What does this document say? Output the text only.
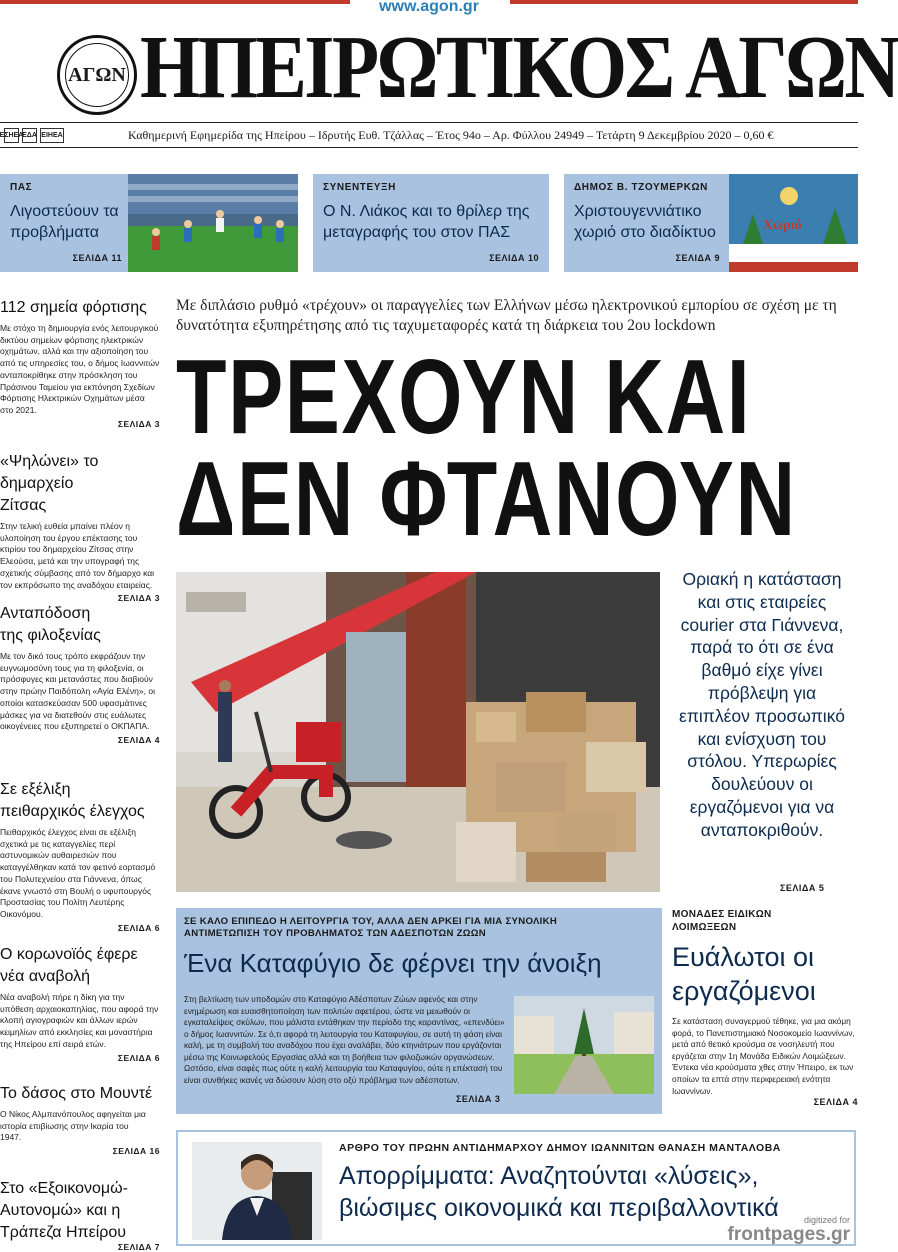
www.agon.gr
ΑΓΩΝ ΗΠΕΙΡΩΤΙΚΟΣ ΑΓΩΝ
ΕΣΗΕΑ
ΕΔΑ ΕΙΗΕΑ	Καθημερινή Εφημερίδα της Ηπείρου – Ιδρυτής Ευθ. Τζάλλας – Έτος 94ο – Αρ. Φύλλου 24949 – Τετάρτη 9 Δεκεμβρίου 2020 – 0,60 €
ΠΑΣ
Λιγοστεύουν τα προβλήματα
ΣΕΛΙΔΑ 11
ΣΥΝΕΝΤΕΥΞΗ
Ο Ν. Λιάκος και το θρίλερ της μεταγραφής του στον ΠΑΣ
ΣΕΛΙΔΑ 10
ΔΗΜΟΣ Β. ΤΖΟΥΜΕΡΚΩΝ
Χριστουγεννιάτικο χωριό στο διαδίκτυο	Χωριό
ΣΕΛΙΔΑ 9
112 σημεία φόρτισης

Με στόχο τη δημιουργία ενός λειτουργικού δικτύου σημείων φόρτισης ηλεκτρικών οχημάτων, αλλά και την αξιοποίηση του από τις υπηρεσίες του, ο δήμος Ιωαννιτών ανταποκρίθηκε στην πρόσκληση του Πράσινου Ταμείου για εκπόνηση Σχεδίων Φόρτισης Ηλεκτρικών Οχημάτων μέσα στο 2021.

ΣΕΛΙΔΑ 3
«Ψηλώνει» το δημαρχείο Ζίτσας

Στην τελική ευθεία μπαίνει πλέον η υλοποίηση του έργου επέκτασης του κτιρίου του δημαρχείου Ζίτσας στην Ελεούσα, μετά και την υπογραφή της σχετικής σύμβασης από τον δήμαρχο και τον εκπρόσωπο της αναδόχου εταιρείας.

ΣΕΛΙΔΑ 3
Ανταπόδοση της φιλοξενίας

Με τον δικό τους τρόπο εκφράζουν την ευγνωμοσύνη τους για τη φιλοξενία, οι πρόσφυγες και μετανάστες που διαβιούν στην πρώην Παιδόπολη «Αγία Ελένη», οι οποίοι κατασκεύασαν 500 υφασμάτινες μάσκες για να διατεθούν στις ευάλωτες οικογένειες που εξυπηρετεί ο ΟΚΠΑΠΑ.

ΣΕΛΙΔΑ 4
Σε εξέλιξη πειθαρχικός έλεγχος

Πειθαρχικός έλεγχος είναι σε εξέλιξη σχετικά με τις καταγγελίες περί αστυνομικών αυθαιρεσιών που καταγγέλθηκαν κατά τον φετινό εορτασμό του Πολυτεχνείου στα Γιάννενα, όπως έκανε γνωστό στη Βουλή ο υφυπουργός Προστασίας του Πολίτη Λευτέρης Οικονόμου.

ΣΕΛΙΔΑ 6
Ο κορωνοϊός έφερε νέα αναβολή

Νέα αναβολή πήρε η δίκη για την υπόθεση αρχαιοκαπηλίας, που αφορά την κλοπή αγιογραφιών και άλλων ιερών κειμηλίων από εκκλησίες και μοναστήρια της Ηπείρου επί σειρά ετών.

ΣΕΛΙΔΑ 6
Το δάσος στο Μουντέ

Ο Νίκος Αλμπανόπουλος αφηγείται μια ιστορία επιβίωσης στην Ικαρία του 1947.

ΣΕΛΙΔΑ 16
Στο «Εξοικονομώ-Αυτονομώ» και η Τράπεζα Ηπείρου
ΣΕΛΙΔΑ 7
Με διπλάσιο ρυθμό «τρέχουν» οι παραγγελίες των Ελλήνων μέσω ηλεκτρονικού εμπορίου σε σχέση με τη δυνατότητα εξυπηρέτησης από τις ταχυμεταφορές κατά τη διάρκεια του 2ου lockdown
ΤΡΕΧΟΥΝ ΚΑΙ
ΔΕΝ ΦΤΑΝΟΥΝ
Οριακή η κατάσταση και στις εταιρείες courier στα Γιάννενα, παρά το ότι σε ένα βαθμό είχε γίνει πρόβλεψη για επιπλέον προσωπικό και ενίσχυση του στόλου. Υπερωρίες δουλεύουν οι εργαζόμενοι για να ανταποκριθούν.
ΣΕΛΙΔΑ 5
ΣΕ ΚΑΛΟ ΕΠΙΠΕΔΟ Η ΛΕΙΤΟΥΡΓΙΑ ΤΟΥ, ΑΛΛΑ ΔΕΝ ΑΡΚΕΙ ΓΙΑ ΜΙΑ ΣΥΝΟΛΙΚΗ ΑΝΤΙΜΕΤΩΠΙΣΗ ΤΟΥ ΠΡΟΒΛΗΜΑΤΟΣ ΤΩΝ ΑΔΕΣΠΟΤΩΝ ΖΩΩΝ
Ένα Καταφύγιο δε φέρνει την άνοιξη

Στη βελτίωση των υποδομών στο Καταφύγιο Αδέσποτων Ζώων αφενός και στην ενημέρωση και ευαισθητοποίηση των πολιτών αφετέρου, ώστε να μειωθούν οι εγκαταλείψεις σκύλων, που μάλιστα εντάθηκαν την περίοδο της καραντίνας, «επενδύει» ο δήμος Ιωαννιτών. Σε ό,τι αφορά τη λειτουργία του Καταφυγίου, σε αυτή τη φάση είναι καλή, με τη συμβολή του αναδόχου που έχει αναλάβει, δύο κτηνιάτρων που εργάζονται μέσω της Κοινωφελούς Εργασίας αλλά και τη βοήθεια των φιλοζωικών οργανώσεων. Ωστόσο, είναι σαφές πως ούτε η καλή λειτουργία του Καταφυγίου, ούτε η επέκτασή του είναι συνθήκες ικανές να δώσουν λύση στο οξύ πρόβλημα των αδέσποτων.

ΣΕΛΙΔΑ 3
ΜΟΝΑΔΕΣ ΕΙΔΙΚΩΝ ΛΟΙΜΩΞΕΩΝ
Ευάλωτοι οι εργαζόμενοι

Σε κατάσταση συναγερμού τέθηκε, για μια ακόμη φορά, το Πανεπιστημιακό Νοσοκομείο Ιωαννίνων, μετά από θετικό κρούσμα σε νοσηλευτή που εργάζεται στην 1η Μονάδα Ειδικών Λοιμώξεων. Έντεκα νέα κρούσματα χθες στην Ήπειρο, εκ των οποίων τα επτά στην περιφερειακή ενότητα Ιωαννίνων.

ΣΕΛΙΔΑ 4
ΑΡΘΡΟ ΤΟΥ ΠΡΩΗΝ ΑΝΤΙΔΗΜΑΡΧΟΥ ΔΗΜΟΥ ΙΩΑΝΝΙΤΩΝ ΘΑΝΑΣΗ ΜΑΝΤΑΛΟΒΑ
Απορρίμματα: Αναζητούνται «λύσεις», βιώσιμες οικονομικά και περιβαλλοντικά	digitized for
frontpages.gr
